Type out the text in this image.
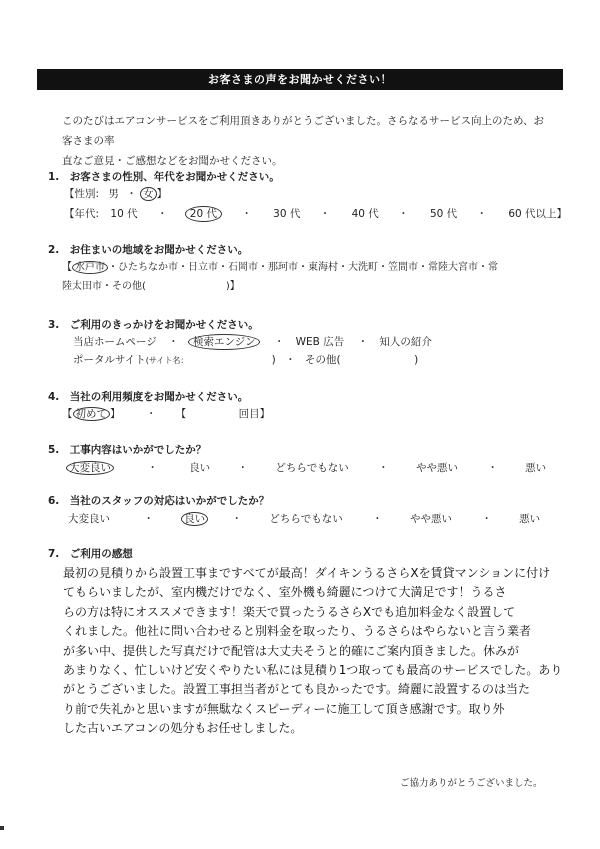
お客さまの声をお聞かせください！
このたびはエアコンサービスをご利用頂きありがとうございました。さらなるサービス向上のため、お客さまの率
直なご意見・ご感想などをお聞かせください。
1.　お客さまの性別、年代をお聞かせください。
【性別: 男 ・ 女 】
【年代: 10 代 ・ 20 代 ・ 30 代 ・ 40 代 ・ 50 代 ・ 60 代以上】
2.　お住まいの地域をお聞かせください。
【 水戸市 ・ひたちなか市・日立市・石岡市・那珂市・東海村・大洗町・笠間市・常陸大宮市・常
陸太田市・その他(　　　　　　　　)】
3.　ご利用のきっかけをお聞かせください。
当店ホームページ ・ 検索エンジン ・ WEB 広告 ・ 知人の紹介
ポータルサイト(サイト名：	) ・ その他(　　　　　　　)
4.　当社の利用頻度をお聞かせください。
【 初めて 】 ・ 【　　　　　回目】
5.　工事内容はいかがでしたか？
大変良い	・	良い	・	どちらでもない	・	やや悪い	・	悪い
6.　当社のスタッフの対応はいかがでしたか？
大変良い	・	良い	・	どちらでもない	・	やや悪い	・	悪い
7.　ご利用の感想

最初の見積りから設置工事まですべてが最高！ダイキンうるさらXを賃貸マンションに付け

てもらいましたが、室内機だけでなく、室外機も綺麗につけて大満足です！うるさ

らの方は特にオススメできます！楽天で買ったうるさらXでも追加料金なく設置して

くれました。他社に問い合わせると別料金を取ったり、うるさらはやらないと言う業者

が多い中、提供した写真だけで配管は大丈夫そうと的確にご案内頂きました。休みが

あまりなく、忙しいけど安くやりたい私には見積り1つ取っても最高のサービスでした。あり

がとうございました。設置工事担当者がとても良かったです。綺麗に設置するのは当た

り前で失礼かと思いますが無駄なくスピーディーに施工して頂き感謝です。取り外

した古いエアコンの処分もお任せしました。

ご協力ありがとうございました。
